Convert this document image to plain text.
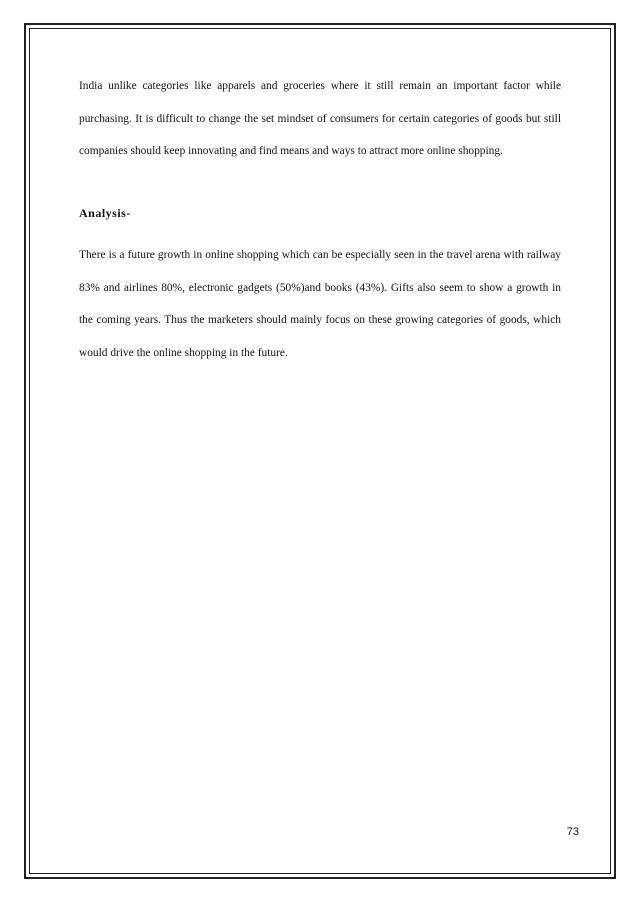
India unlike categories like apparels and groceries where it still remain an important factor while purchasing. It is difficult to change the set mindset of consumers for certain categories of goods but still companies should keep innovating and find means and ways to attract more online shopping.

Analysis-

There is a future growth in online shopping which can be especially seen in the travel arena with railway 83% and airlines 80%, electronic gadgets (50%)and books (43%). Gifts also seem to show a growth in the coming years. Thus the marketers should mainly focus on these growing categories of goods, which would drive the online shopping in the future.

73
